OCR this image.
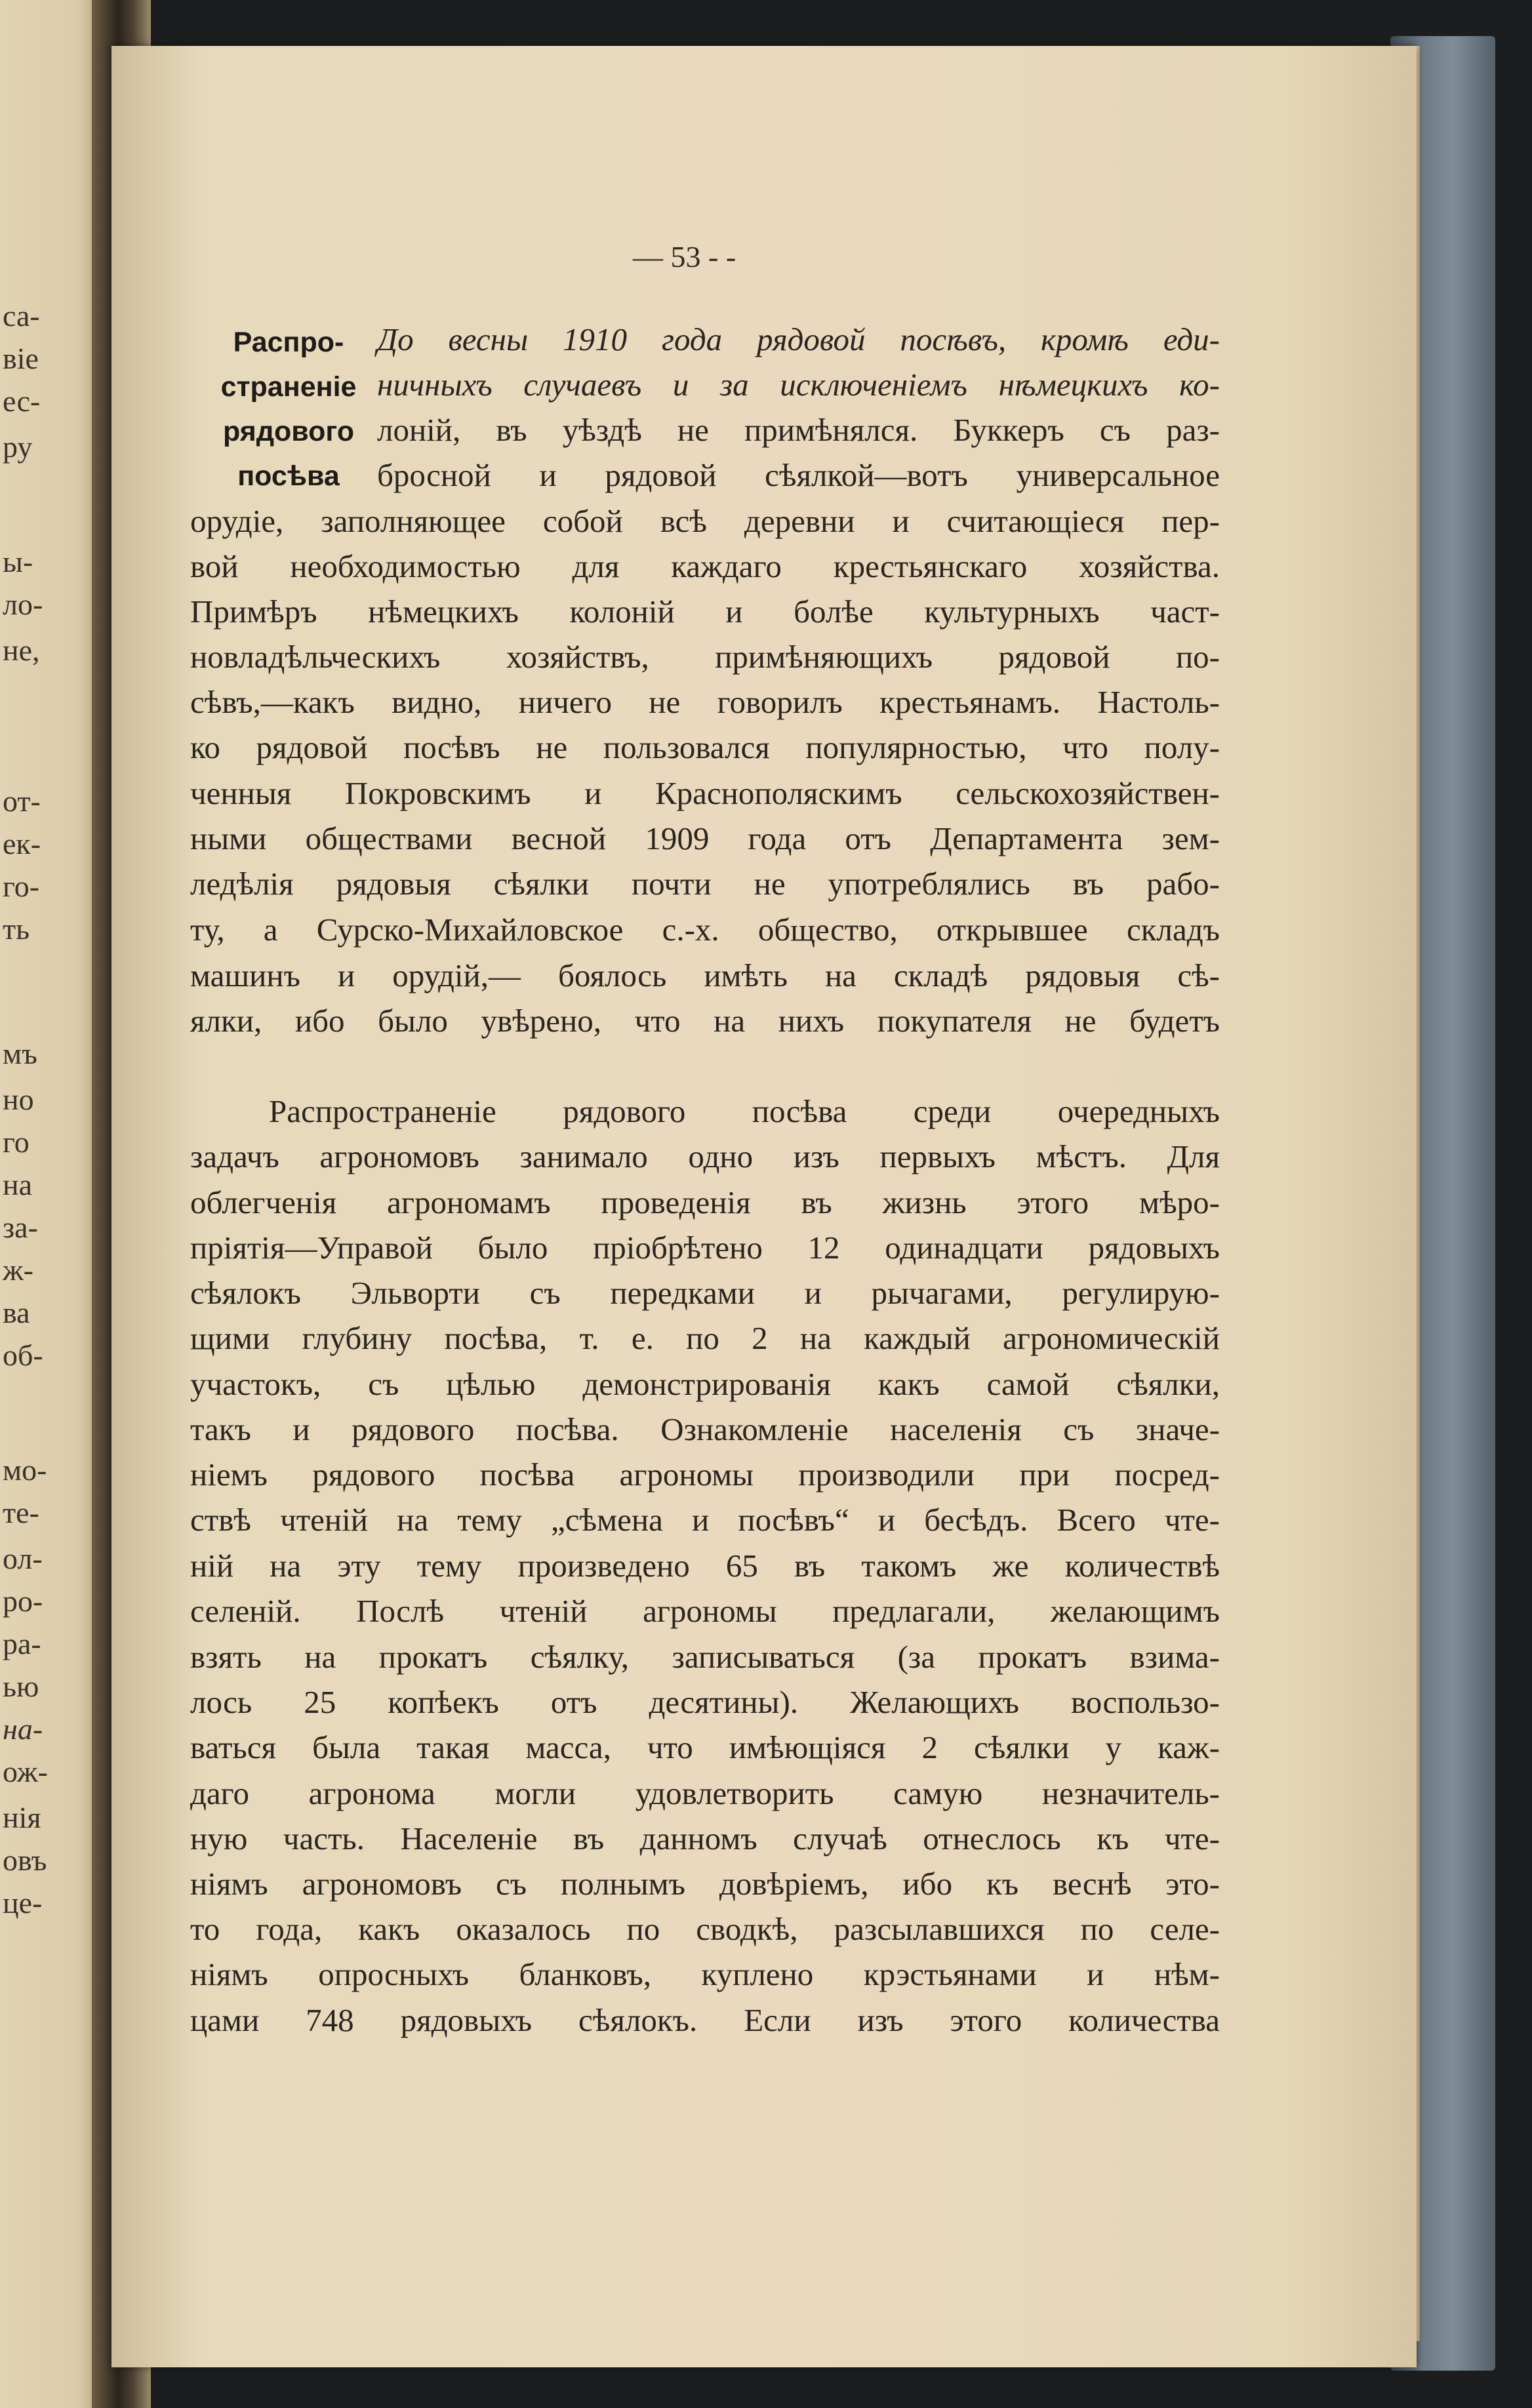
са-
віе
ес-
ру
ы-
ло-
не,
от-
ек-
го-
ть
мъ
но
го
на
за-
ж-
ва
об-
мо-
те-
ол-
ро-
ра-
ью
на-
ож-
нія
овъ
це-
— 53 - -
Распро-
страненіе
рядового
посѣва
До весны 1910 года рядовой посѣвъ, кромѣ еди-
ничныхъ случаевъ и за исключеніемъ нѣмецкихъ ко-
лоній, въ уѣздѣ не примѣнялся. Буккеръ съ раз-
бросной и рядовой сѣялкой—вотъ универсальное
орудіе, заполняющее собой всѣ деревни и считающіеся пер-
вой необходимостью для каждаго крестьянскаго хозяйства.
Примѣръ нѣмецкихъ колоній и болѣе культурныхъ част-
новладѣльческихъ хозяйствъ, примѣняющихъ рядовой по-
сѣвъ,—какъ видно, ничего не говорилъ крестьянамъ. Настоль-
ко рядовой посѣвъ не пользовался популярностью, что полу-
ченныя Покровскимъ и Краснополяскимъ сельскохозяйствен-
ными обществами весной 1909 года отъ Департамента зем-
ледѣлія рядовыя сѣялки почти не употреблялись въ рабо-
ту, а Сурско-Михайловское с.-х. общество, открывшее складъ
машинъ и орудій,— боялось имѣть на складѣ рядовыя сѣ-
ялки, ибо было увѣрено, что на нихъ покупателя не будетъ
Распространеніе рядового посѣва среди очередныхъ
задачъ агрономовъ занимало одно изъ первыхъ мѣстъ. Для
облегченія агрономамъ проведенія въ жизнь этого мѣро-
пріятія—Управой было пріобрѣтено 12 одинадцати рядовыхъ
сѣялокъ Эльворти съ передками и рычагами, регулирую-
щими глубину посѣва, т. е. по 2 на каждый агрономическій
участокъ, съ цѣлью демонстрированія какъ самой сѣялки,
такъ и рядового посѣва. Ознакомленіе населенія съ значе-
ніемъ рядового посѣва агрономы производили при посред-
ствѣ чтеній на тему „сѣмена и посѣвъ“ и бесѣдъ. Всего чте-
ній на эту тему произведено 65 въ такомъ же количествѣ
селеній. Послѣ чтеній агрономы предлагали, желающимъ
взять на прокатъ сѣялку, записываться (за прокатъ взима-
лось 25 копѣекъ отъ десятины). Желающихъ воспользо-
ваться была такая масса, что имѣющіяся 2 сѣялки у каж-
даго агронома могли удовлетворить самую незначитель-
ную часть. Населеніе въ данномъ случаѣ отнеслось къ чте-
ніямъ агрономовъ съ полнымъ довѣріемъ, ибо къ веснѣ это-
то года, какъ оказалось по сводкѣ, разсылавшихся по селе-
ніямъ опросныхъ бланковъ, куплено крэстьянами и нѣм-
цами 748 рядовыхъ сѣялокъ. Если изъ этого количества
